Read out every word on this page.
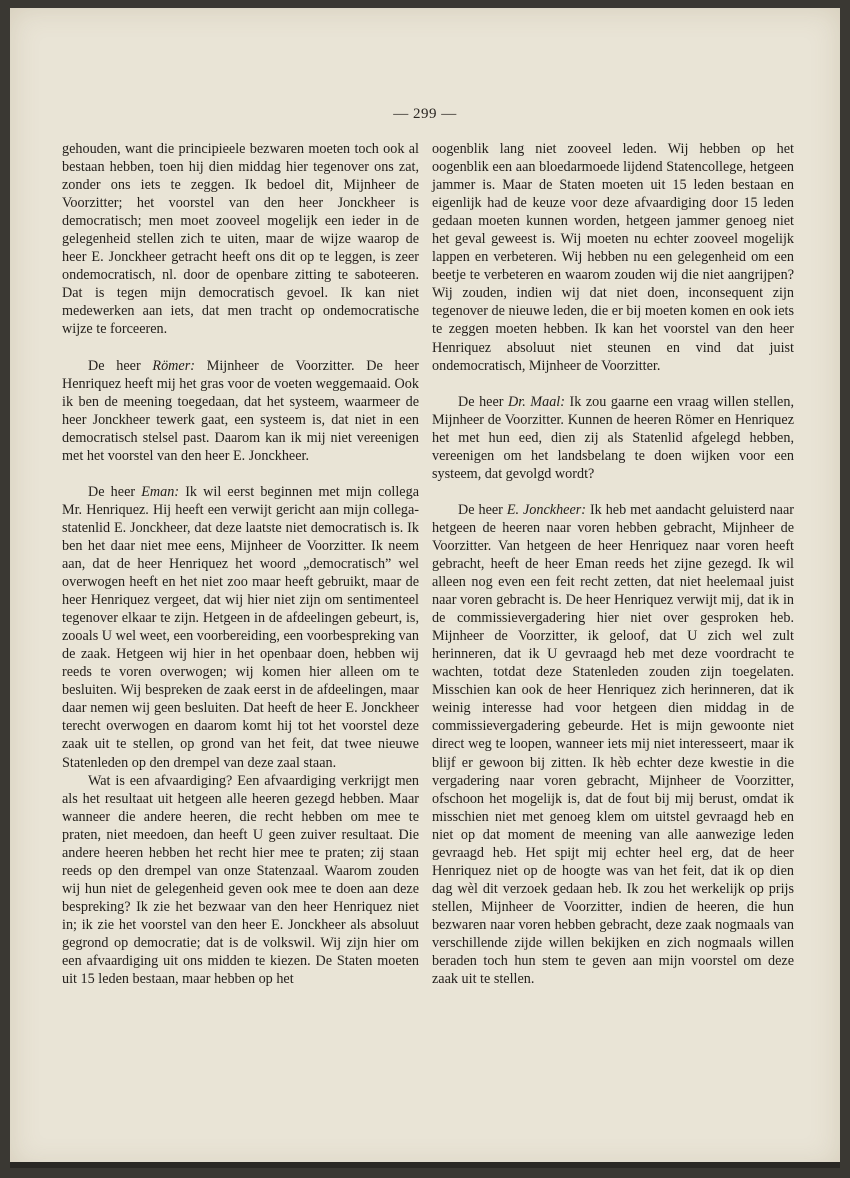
— 299 —

gehouden, want die principieele bezwaren moeten toch ook al bestaan hebben, toen hij dien middag hier tegenover ons zat, zonder ons iets te zeggen. Ik bedoel dit, Mijnheer de Voorzitter; het voorstel van den heer Jonckheer is democratisch; men moet zooveel mogelijk een ieder in de gelegenheid stellen zich te uiten, maar de wijze waarop de heer E. Jonckheer getracht heeft ons dit op te leggen, is zeer ondemocratisch, nl. door de openbare zitting te saboteeren. Dat is tegen mijn democratisch gevoel. Ik kan niet medewerken aan iets, dat men tracht op ondemocratische wijze te forceeren.

De heer Römer: Mijnheer de Voorzitter. De heer Henriquez heeft mij het gras voor de voeten weggemaaid. Ook ik ben de meening toegedaan, dat het systeem, waarmeer de heer Jonckheer tewerk gaat, een systeem is, dat niet in een democratisch stelsel past. Daarom kan ik mij niet vereenigen met het voorstel van den heer E. Jonckheer.

De heer Eman: Ik wil eerst beginnen met mijn collega Mr. Henriquez. Hij heeft een verwijt gericht aan mijn collega-statenlid E. Jonckheer, dat deze laatste niet democratisch is. Ik ben het daar niet mee eens, Mijnheer de Voorzitter. Ik neem aan, dat de heer Henriquez het woord „democratisch” wel overwogen heeft en het niet zoo maar heeft gebruikt, maar de heer Henriquez vergeet, dat wij hier niet zijn om sentimenteel tegenover elkaar te zijn. Hetgeen in de afdeelingen gebeurt, is, zooals U wel weet, een voorbereiding, een voorbespreking van de zaak. Hetgeen wij hier in het openbaar doen, hebben wij reeds te voren overwogen; wij komen hier alleen om te besluiten. Wij bespreken de zaak eerst in de afdeelingen, maar daar nemen wij geen besluiten. Dat heeft de heer E. Jonckheer terecht overwogen en daarom komt hij tot het voorstel deze zaak uit te stellen, op grond van het feit, dat twee nieuwe Statenleden op den drempel van deze zaal staan.

Wat is een afvaardiging? Een afvaardiging verkrijgt men als het resultaat uit hetgeen alle heeren gezegd hebben. Maar wanneer die andere heeren, die recht hebben om mee te praten, niet meedoen, dan heeft U geen zuiver resultaat. Die andere heeren hebben het recht hier mee te praten; zij staan reeds op den drempel van onze Statenzaal. Waarom zouden wij hun niet de gelegenheid geven ook mee te doen aan deze bespreking? Ik zie het bezwaar van den heer Henriquez niet in; ik zie het voorstel van den heer E. Jonckheer als absoluut gegrond op democratie; dat is de volkswil. Wij zijn hier om een afvaardiging uit ons midden te kiezen. De Staten moeten uit 15 leden bestaan, maar hebben op het

oogenblik lang niet zooveel leden. Wij hebben op het oogenblik een aan bloedarmoede lijdend Statencollege, hetgeen jammer is. Maar de Staten moeten uit 15 leden bestaan en eigenlijk had de keuze voor deze afvaardiging door 15 leden gedaan moeten kunnen worden, hetgeen jammer genoeg niet het geval geweest is. Wij moeten nu echter zooveel mogelijk lappen en verbeteren. Wij hebben nu een gelegenheid om een beetje te verbeteren en waarom zouden wij die niet aangrijpen? Wij zouden, indien wij dat niet doen, inconsequent zijn tegenover de nieuwe leden, die er bij moeten komen en ook iets te zeggen moeten hebben. Ik kan het voorstel van den heer Henriquez absoluut niet steunen en vind dat juist ondemocratisch, Mijnheer de Voorzitter.

De heer Dr. Maal: Ik zou gaarne een vraag willen stellen, Mijnheer de Voorzitter. Kunnen de heeren Römer en Henriquez het met hun eed, dien zij als Statenlid afgelegd hebben, vereenigen om het landsbelang te doen wijken voor een systeem, dat gevolgd wordt?

De heer E. Jonckheer: Ik heb met aandacht geluisterd naar hetgeen de heeren naar voren hebben gebracht, Mijnheer de Voorzitter. Van hetgeen de heer Henriquez naar voren heeft gebracht, heeft de heer Eman reeds het zijne gezegd. Ik wil alleen nog even een feit recht zetten, dat niet heelemaal juist naar voren gebracht is. De heer Henriquez verwijt mij, dat ik in de commissievergadering hier niet over gesproken heb. Mijnheer de Voorzitter, ik geloof, dat U zich wel zult herinneren, dat ik U gevraagd heb met deze voordracht te wachten, totdat deze Statenleden zouden zijn toegelaten. Misschien kan ook de heer Henriquez zich herinneren, dat ik weinig interesse had voor hetgeen dien middag in de commissievergadering gebeurde. Het is mijn gewoonte niet direct weg te loopen, wanneer iets mij niet interesseert, maar ik blijf er gewoon bij zitten. Ik hèb echter deze kwestie in die vergadering naar voren gebracht, Mijnheer de Voorzitter, ofschoon het mogelijk is, dat de fout bij mij berust, omdat ik misschien niet met genoeg klem om uitstel gevraagd heb en niet op dat moment de meening van alle aanwezige leden gevraagd heb. Het spijt mij echter heel erg, dat de heer Henriquez niet op de hoogte was van het feit, dat ik op dien dag wèl dit verzoek gedaan heb. Ik zou het werkelijk op prijs stellen, Mijnheer de Voorzitter, indien de heeren, die hun bezwaren naar voren hebben gebracht, deze zaak nogmaals van verschillende zijde willen bekijken en zich nogmaals willen beraden toch hun stem te geven aan mijn voorstel om deze zaak uit te stellen.
